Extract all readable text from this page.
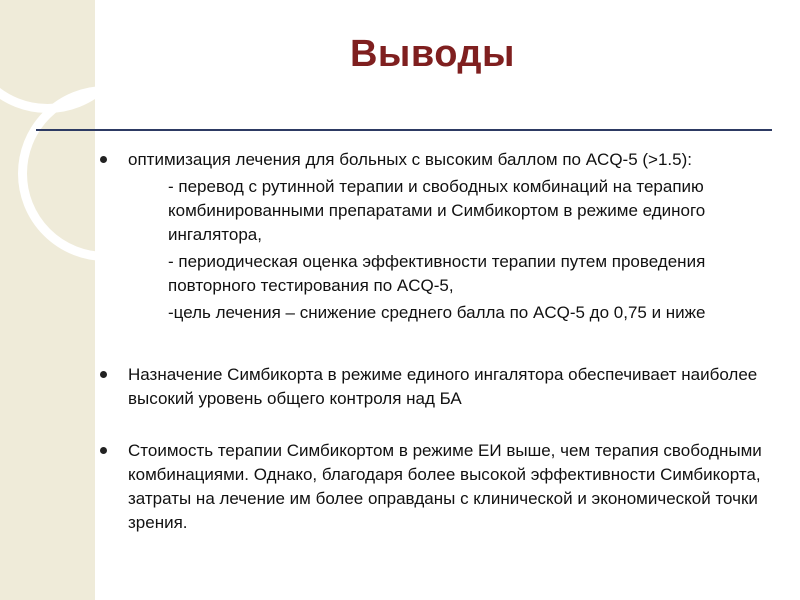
Выводы
оптимизация лечения для больных с высоким баллом по ACQ-5 (>1.5):
- перевод с рутинной терапии и свободных комбинаций на терапию комбинированными препаратами и Симбикортом в режиме единого ингалятора,
- периодическая оценка эффективности терапии путем проведения повторного тестирования по ACQ-5,
-цель лечения – снижение среднего балла по ACQ-5 до 0,75 и ниже
Назначение Симбикорта в режиме единого ингалятора обеспечивает наиболее высокий уровень общего контроля над БА
Стоимость терапии Симбикортом в режиме ЕИ выше, чем терапия свободными комбинациями. Однако, благодаря более высокой эффективности Симбикорта, затраты на лечение им более оправданы с клинической и экономической точки зрения.
